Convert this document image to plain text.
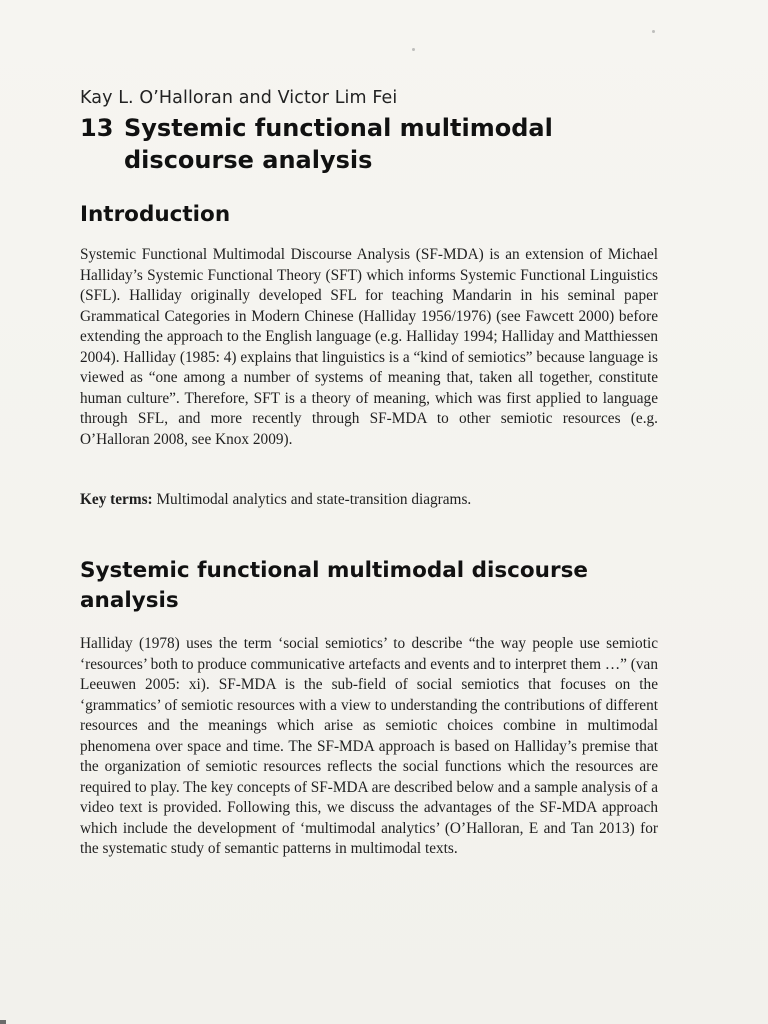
Kay L. O’Halloran and Victor Lim Fei
13 Systemic functional multimodal discourse analysis
Introduction
Systemic Functional Multimodal Discourse Analysis (SF-MDA) is an extension of Michael Halliday’s Systemic Functional Theory (SFT) which informs Systemic Functional Linguistics (SFL). Halliday originally developed SFL for teaching Mandarin in his seminal paper Grammatical Categories in Modern Chinese (Halliday 1956/1976) (see Fawcett 2000) before extending the approach to the English language (e.g. Halliday 1994; Halliday and Matthiessen 2004). Halliday (1985: 4) explains that linguistics is a “kind of semiotics” because language is viewed as “one among a number of systems of meaning that, taken all together, constitute human culture”. Therefore, SFT is a theory of meaning, which was first applied to language through SFL, and more recently through SF-MDA to other semiotic resources (e.g. O’Halloran 2008, see Knox 2009).
Key terms: Multimodal analytics and state-transition diagrams.
Systemic functional multimodal discourse analysis
Halliday (1978) uses the term ‘social semiotics’ to describe “the way people use semiotic ‘resources’ both to produce communicative artefacts and events and to interpret them …” (van Leeuwen 2005: xi). SF-MDA is the sub-field of social semiotics that focuses on the ‘grammatics’ of semiotic resources with a view to understanding the contributions of different resources and the meanings which arise as semiotic choices combine in multimodal phenomena over space and time. The SF-MDA approach is based on Halliday’s premise that the organization of semiotic resources reflects the social functions which the resources are required to play. The key concepts of SF-MDA are described below and a sample analysis of a video text is provided. Following this, we discuss the advantages of the SF-MDA approach which include the development of ‘multimodal analytics’ (O’Halloran, E and Tan 2013) for the systematic study of semantic patterns in multimodal texts.
